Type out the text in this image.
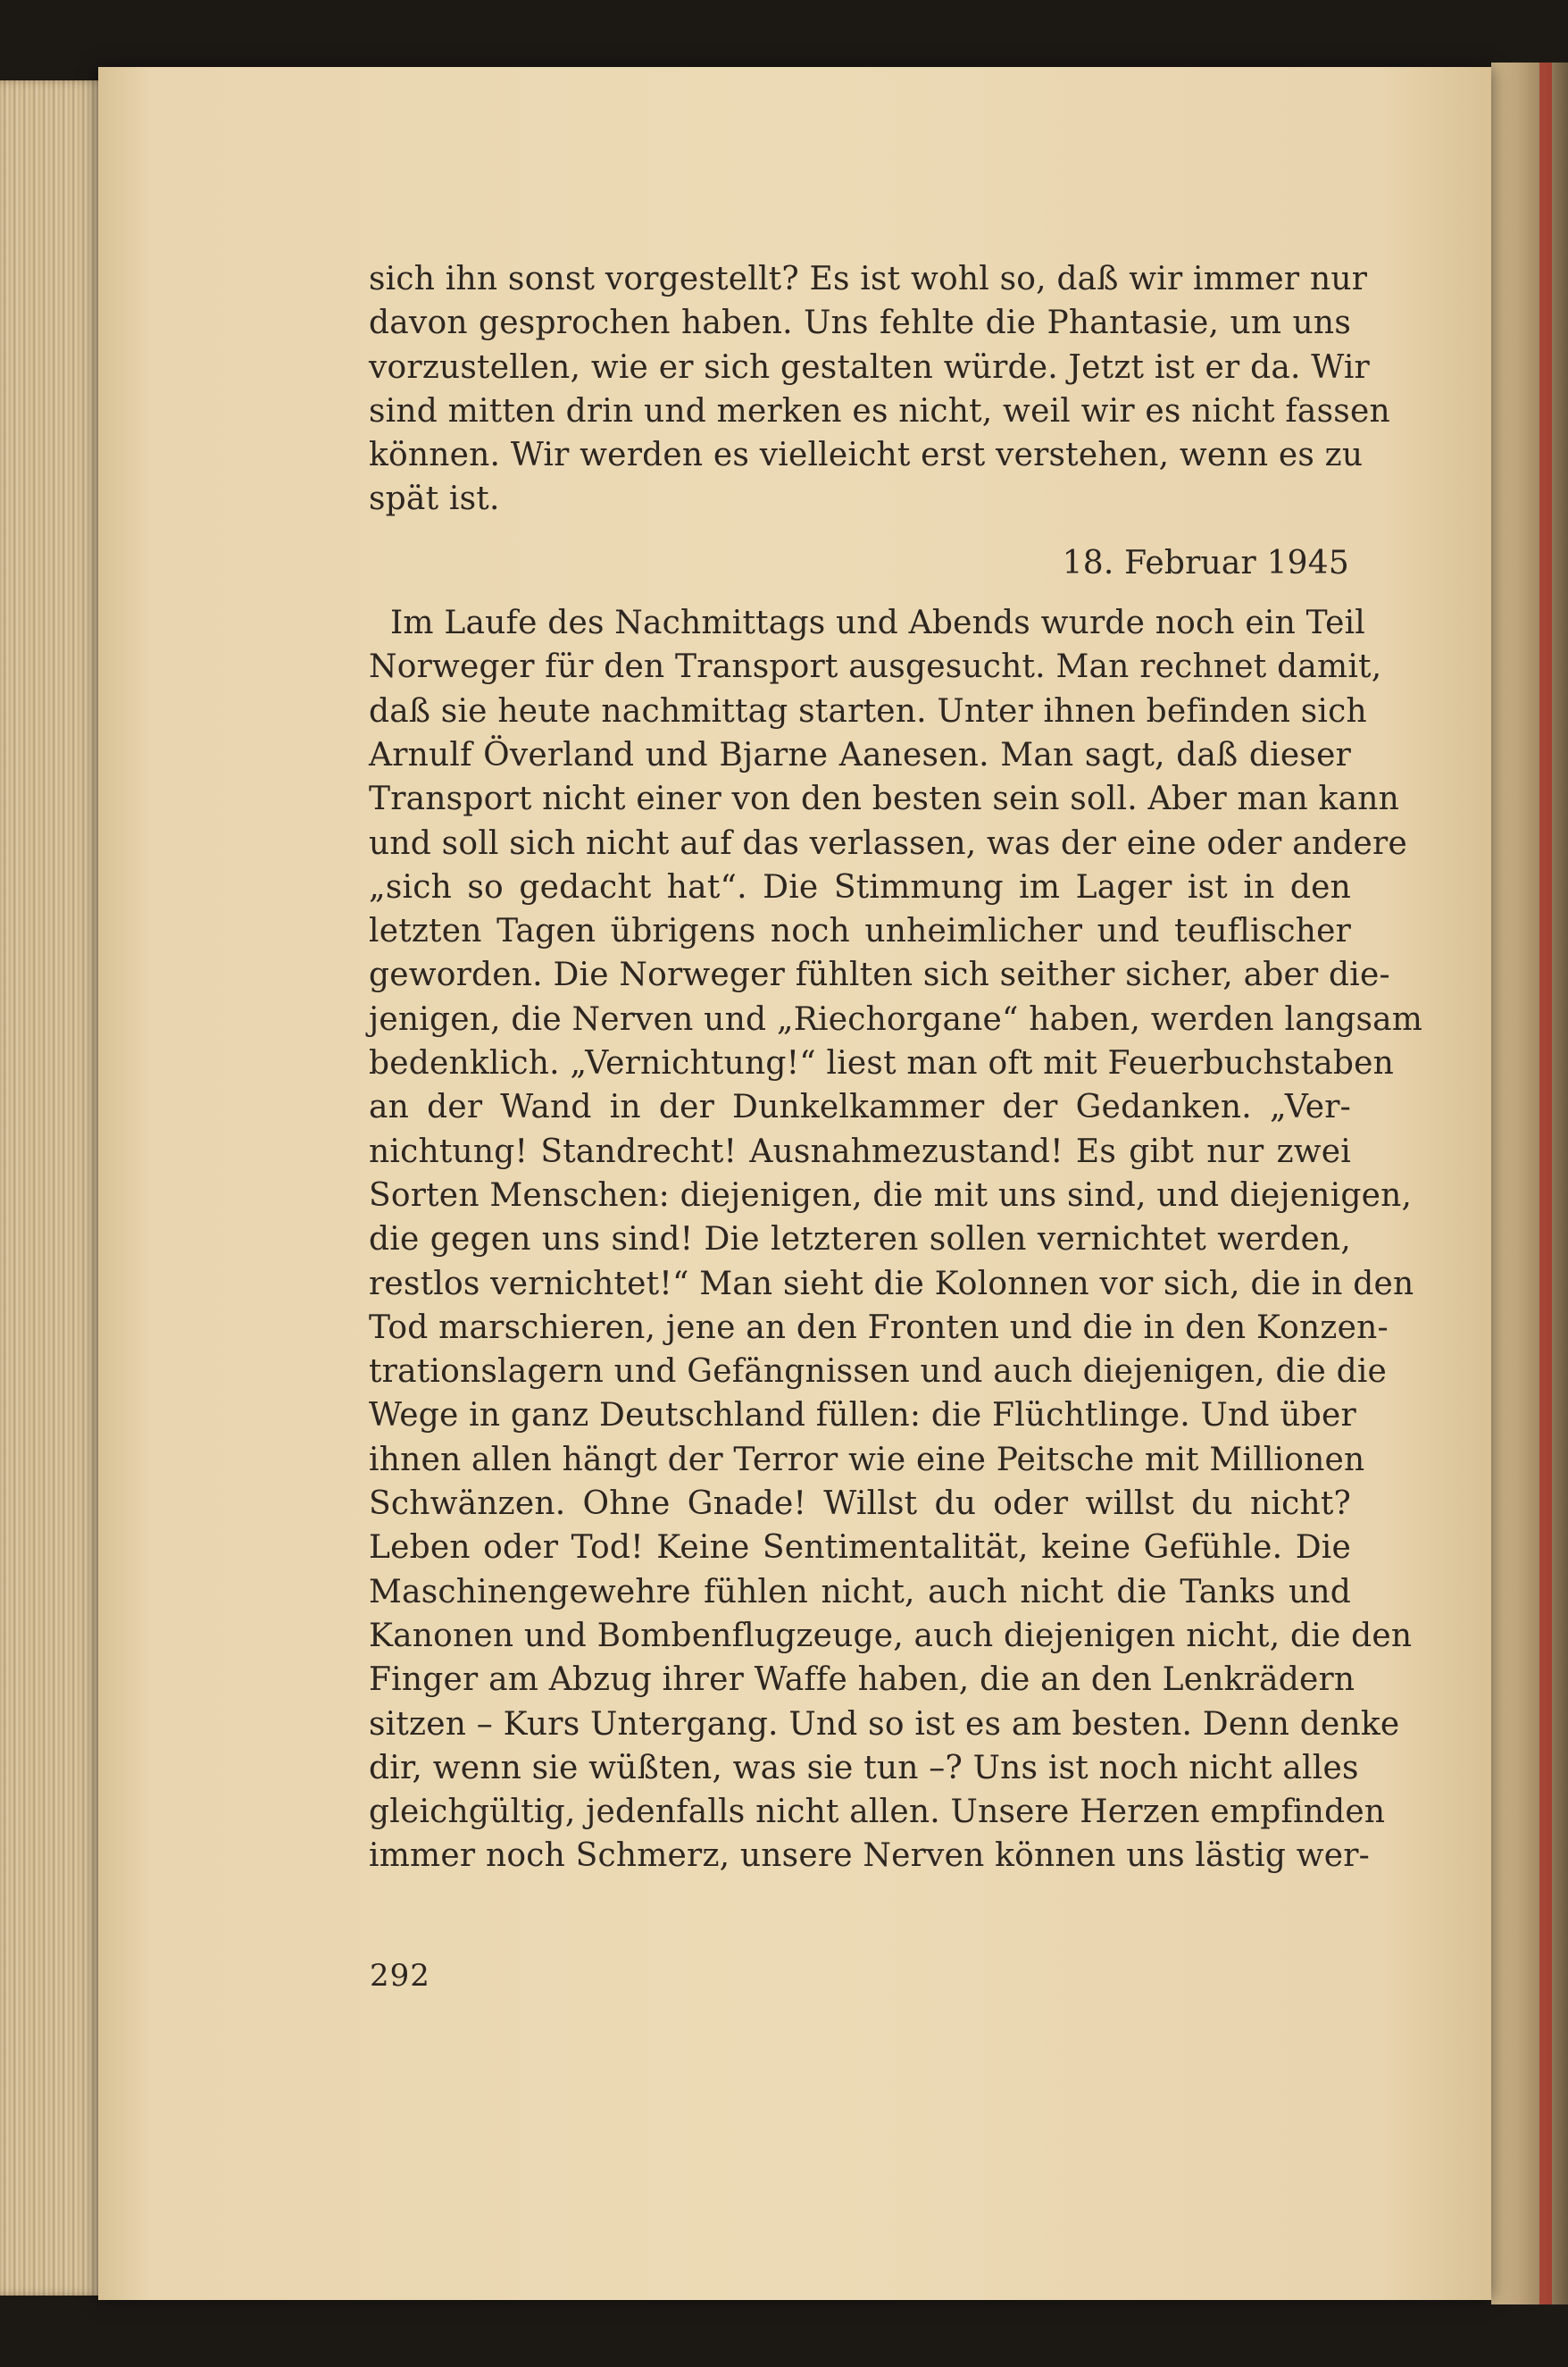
sich ihn sonst vorgestellt? Es ist wohl so, daß wir immer nur
davon gesprochen haben. Uns fehlte die Phantasie, um uns
vorzustellen, wie er sich gestalten würde. Jetzt ist er da. Wir
sind mitten drin und merken es nicht, weil wir es nicht fassen
können. Wir werden es vielleicht erst verstehen, wenn es zu
spät ist.
18. Februar 1945
Im Laufe des Nachmittags und Abends wurde noch ein Teil
Norweger für den Transport ausgesucht. Man rechnet damit,
daß sie heute nachmittag starten. Unter ihnen befinden sich
Arnulf Överland und Bjarne Aanesen. Man sagt, daß dieser
Transport nicht einer von den besten sein soll. Aber man kann
und soll sich nicht auf das verlassen, was der eine oder andere
„sich so gedacht hat“. Die Stimmung im Lager ist in den
letzten Tagen übrigens noch unheimlicher und teuflischer
geworden. Die Norweger fühlten sich seither sicher, aber die-
jenigen, die Nerven und „Riechorgane“ haben, werden langsam
bedenklich. „Vernichtung!“ liest man oft mit Feuerbuchstaben
an der Wand in der Dunkelkammer der Gedanken. „Ver-
nichtung! Standrecht! Ausnahmezustand! Es gibt nur zwei
Sorten Menschen: diejenigen, die mit uns sind, und diejenigen,
die gegen uns sind! Die letzteren sollen vernichtet werden,
restlos vernichtet!“ Man sieht die Kolonnen vor sich, die in den
Tod marschieren, jene an den Fronten und die in den Konzen-
trationslagern und Gefängnissen und auch diejenigen, die die
Wege in ganz Deutschland füllen: die Flüchtlinge. Und über
ihnen allen hängt der Terror wie eine Peitsche mit Millionen
Schwänzen. Ohne Gnade! Willst du oder willst du nicht?
Leben oder Tod! Keine Sentimentalität, keine Gefühle. Die
Maschinengewehre fühlen nicht, auch nicht die Tanks und
Kanonen und Bombenflugzeuge, auch diejenigen nicht, die den
Finger am Abzug ihrer Waffe haben, die an den Lenkrädern
sitzen – Kurs Untergang. Und so ist es am besten. Denn denke
dir, wenn sie wüßten, was sie tun –? Uns ist noch nicht alles
gleichgültig, jedenfalls nicht allen. Unsere Herzen empfinden
immer noch Schmerz, unsere Nerven können uns lästig wer-
292
